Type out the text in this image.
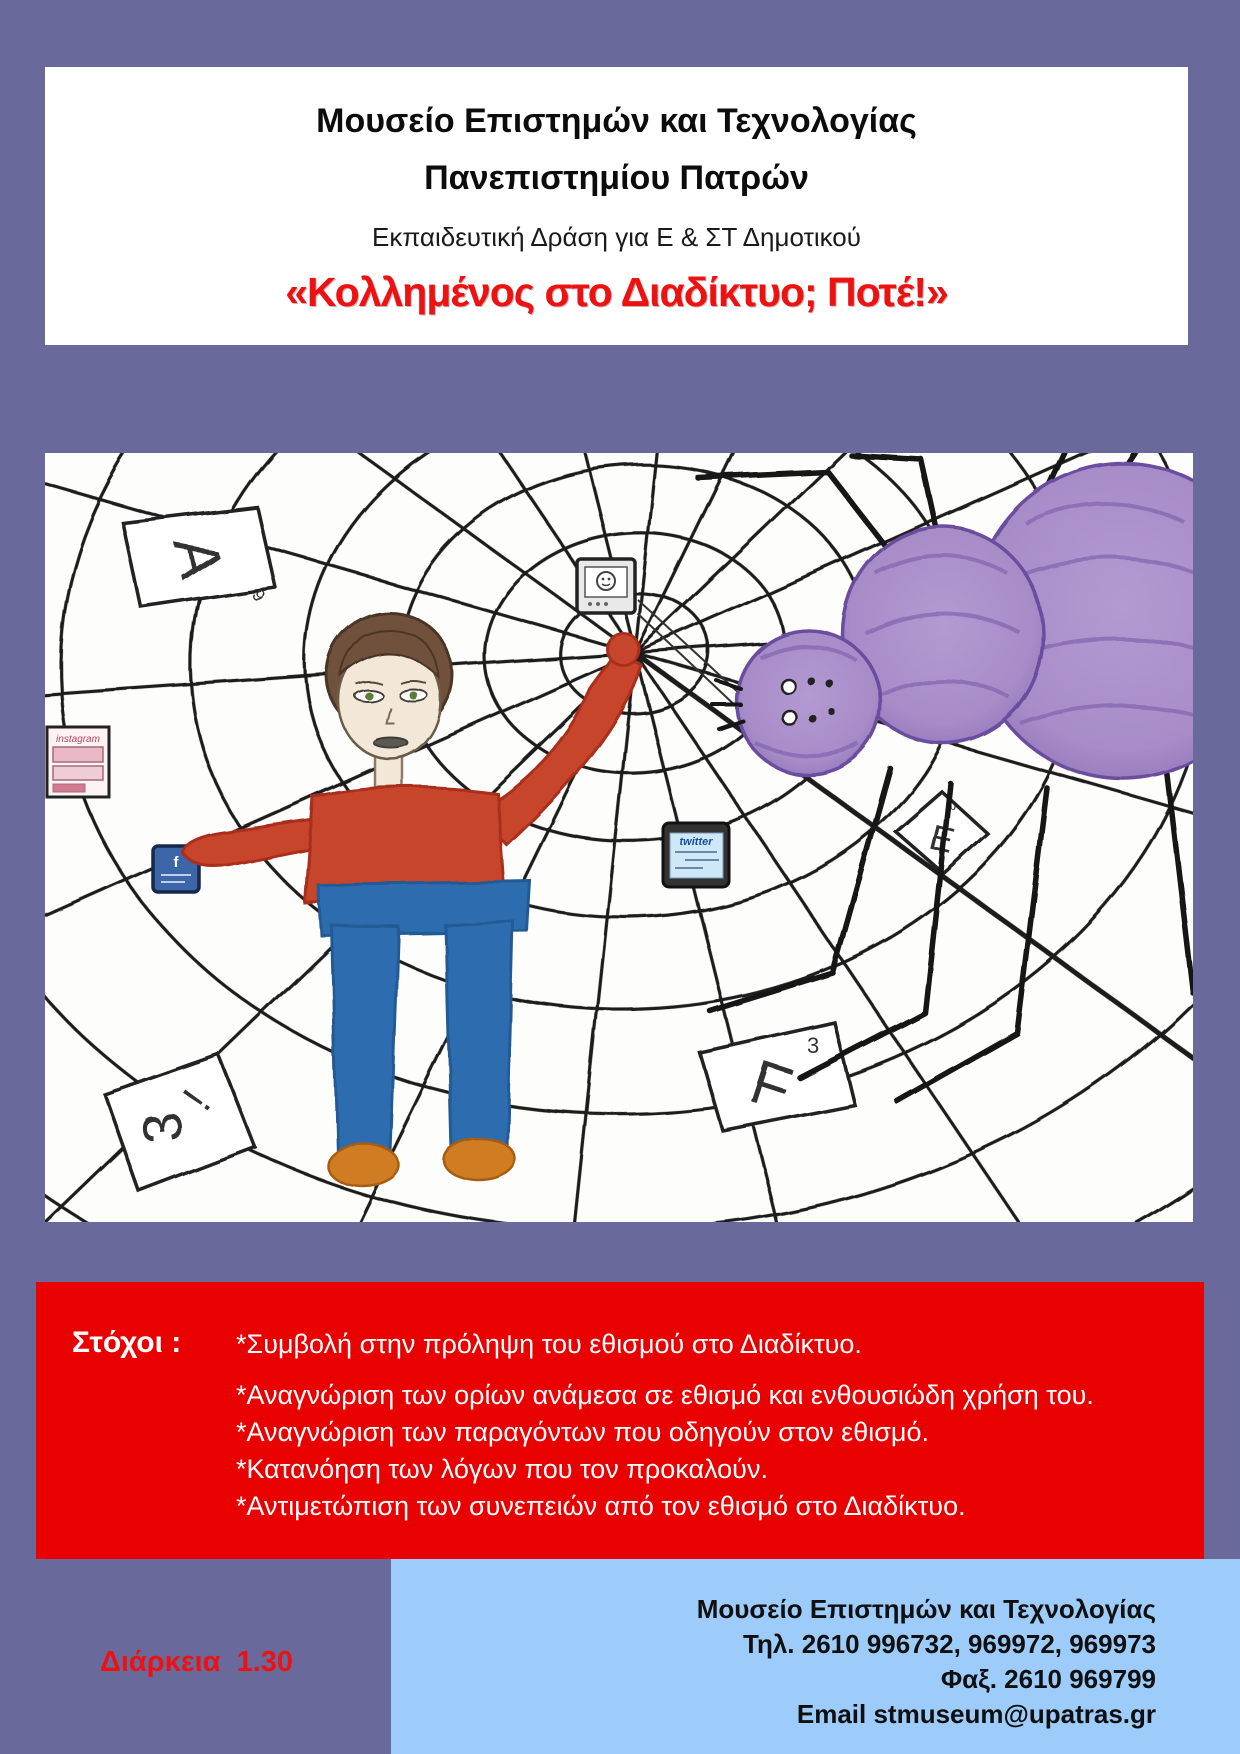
Μουσείο Επιστημών και Τεχνολογίας
Πανεπιστημίου Πατρών
Εκπαιδευτική Δράση για Ε & ΣΤ Δημοτικού
«Κολλημένος στο Διαδίκτυο; Ποτέ!»
A
9
3
!
E
ω
F
3
instagram
f
twitter
Στόχοι :	*Συμβολή στην πρόληψη του εθισμού στο Διαδίκτυο.
*Αναγνώριση των ορίων ανάμεσα σε εθισμό και ενθουσιώδη χρήση του.
*Αναγνώριση των παραγόντων που οδηγούν στον εθισμό.
*Κατανόηση των λόγων που τον προκαλούν.
*Αντιμετώπιση των συνεπειών από τον εθισμό στο Διαδίκτυο.
Διάρκεια  1.30
Μουσείο Επιστημών και Τεχνολογίας
Τηλ. 2610 996732, 969972, 969973
Φαξ. 2610 969799
Email stmuseum@upatras.gr
